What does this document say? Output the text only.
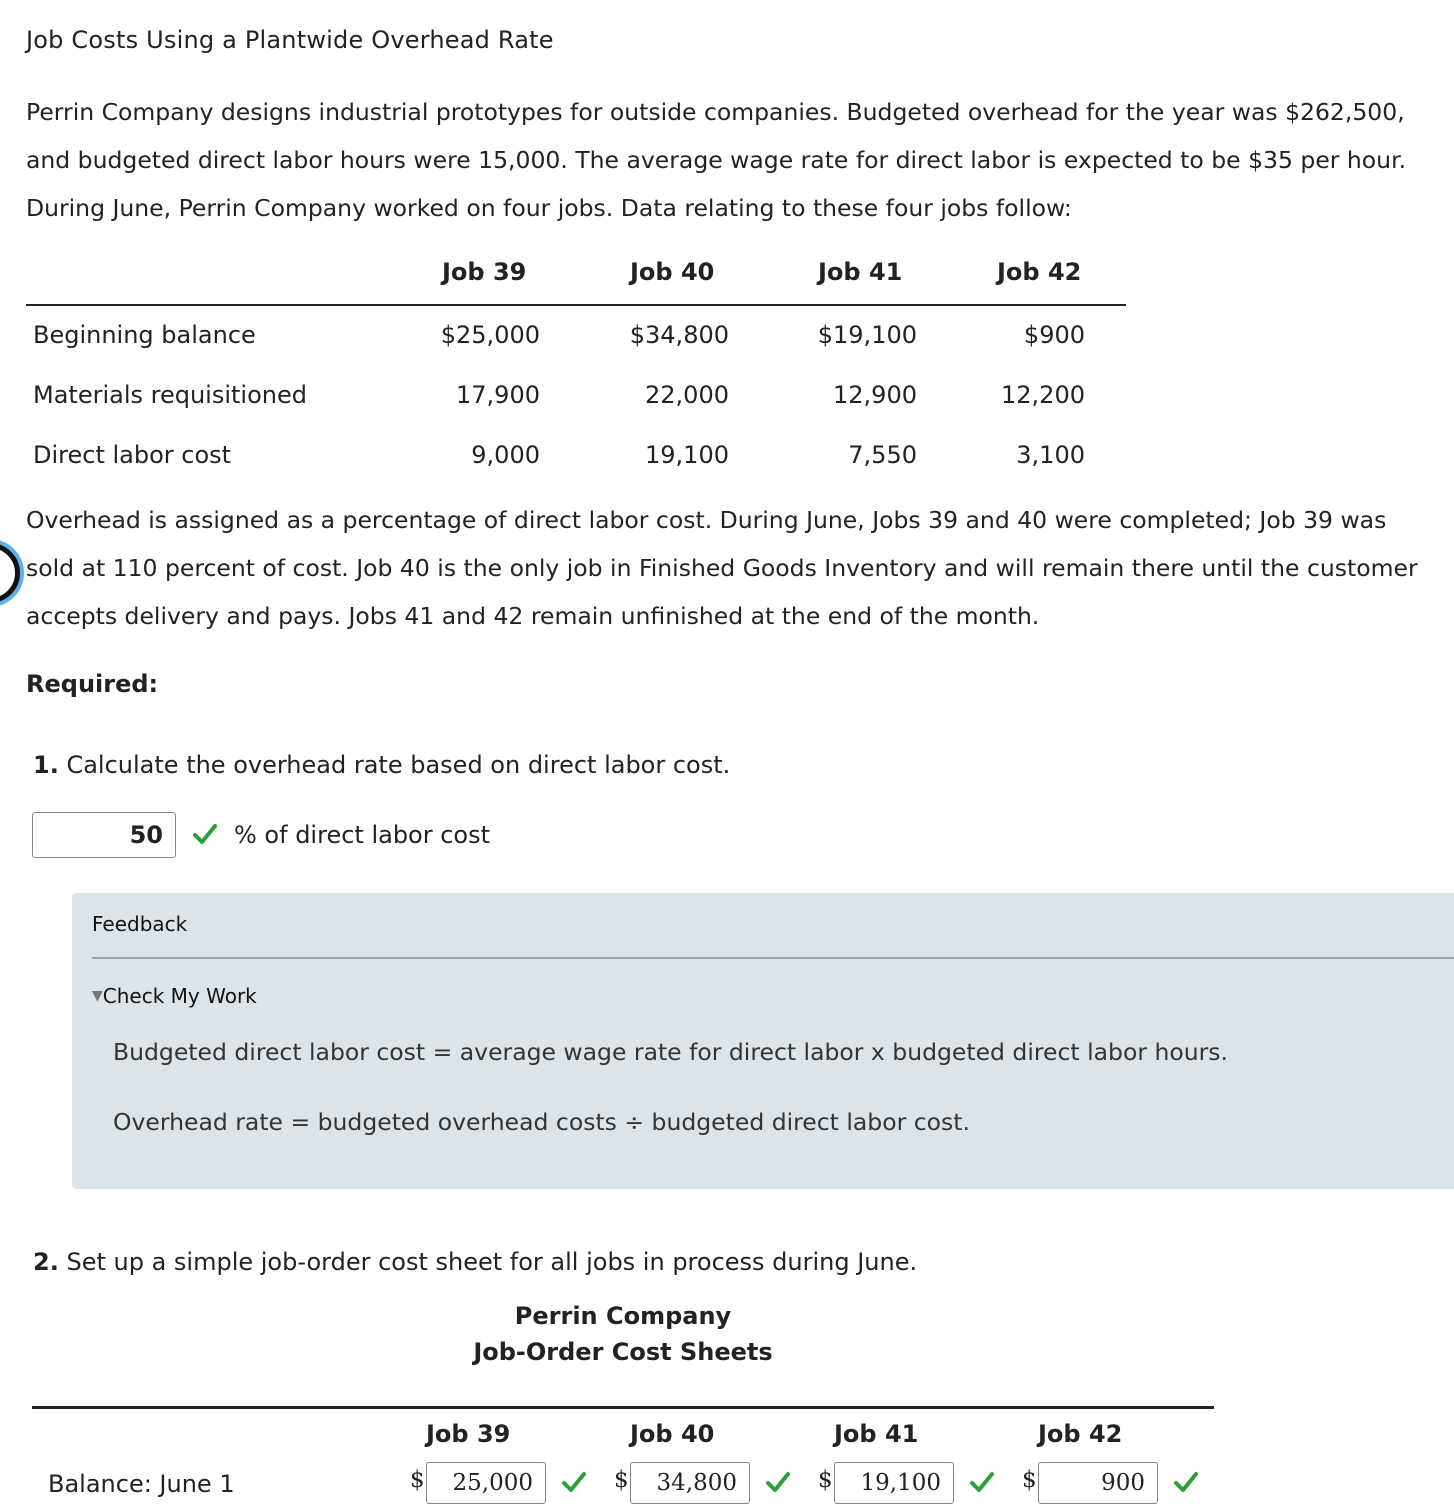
Job Costs Using a Plantwide Overhead Rate
Perrin Company designs industrial prototypes for outside companies. Budgeted overhead for the year was $262,500,
and budgeted direct labor hours were 15,000. The average wage rate for direct labor is expected to be $35 per hour.
During June, Perrin Company worked on four jobs. Data relating to these four jobs follow:
Job 39	Job 40	Job 41	Job 42
Beginning balance	$25,000	$34,800	$19,100	$900
Materials requisitioned	17,900	22,000	12,900	12,200
Direct labor cost	9,000	19,100	7,550	3,100
Overhead is assigned as a percentage of direct labor cost. During June, Jobs 39 and 40 were completed; Job 39 was
sold at 110 percent of cost. Job 40 is the only job in Finished Goods Inventory and will remain there until the customer
accepts delivery and pays. Jobs 41 and 42 remain unfinished at the end of the month.
Required:
1. Calculate the overhead rate based on direct labor cost.
50	% of direct labor cost
Feedback
▼Check My Work
Budgeted direct labor cost = average wage rate for direct labor x budgeted direct labor hours.
Overhead rate = budgeted overhead costs ÷ budgeted direct labor cost.
2. Set up a simple job-order cost sheet for all jobs in process during June.
Perrin Company
Job-Order Cost Sheets
Job 39	Job 40	Job 41	Job 42
Balance: June 1	$	25,000	$	34,800	$	19,100	$	900
